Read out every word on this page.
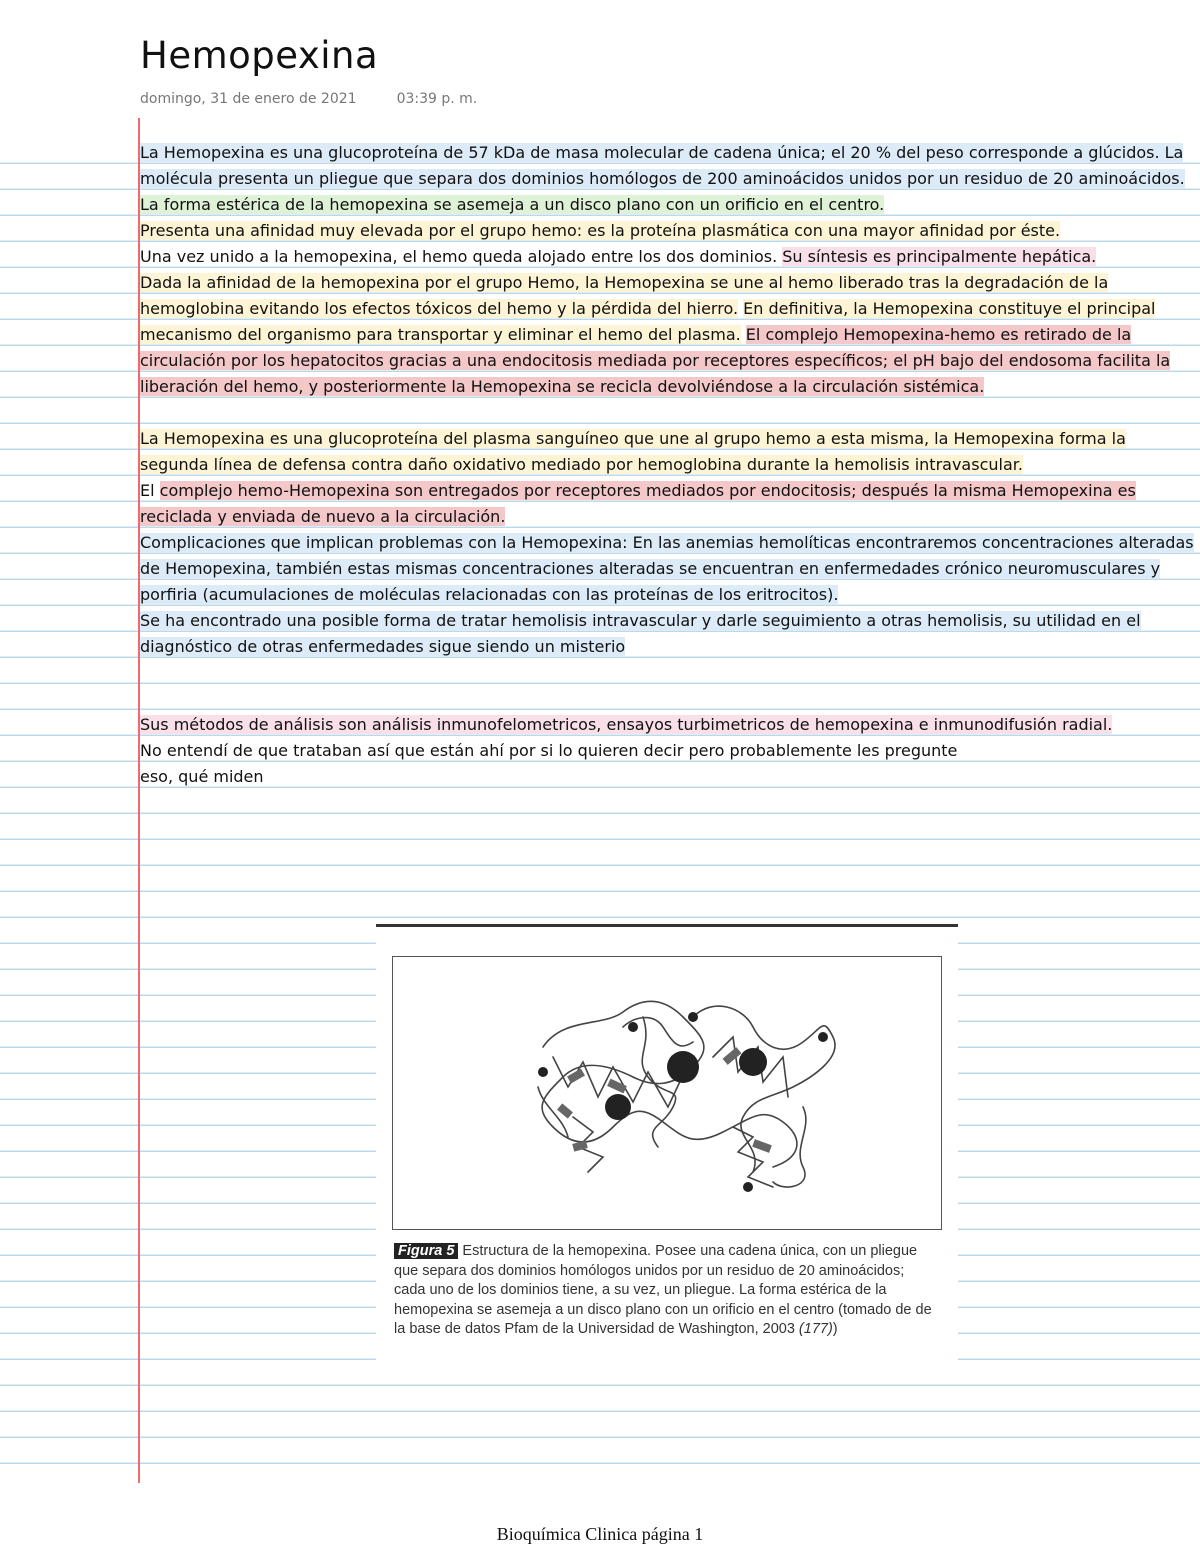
Hemopexina
domingo, 31 de enero de 2021	03:39 p. m.

La Hemopexina es una glucoproteína de 57 kDa de masa molecular de cadena única; el 20 % del peso corresponde a glúcidos. La molécula presenta un pliegue que separa dos dominios homólogos de 200 aminoácidos unidos por un residuo de 20 aminoácidos. La forma estérica de la hemopexina se asemeja a un disco plano con un orificio en el centro.

Presenta una afinidad muy elevada por el grupo hemo: es la proteína plasmática con una mayor afinidad por éste.

Una vez unido a la hemopexina, el hemo queda alojado entre los dos dominios. Su síntesis es principalmente hepática.

Dada la afinidad de la hemopexina por el grupo Hemo, la Hemopexina se une al hemo liberado tras la degradación de la hemoglobina evitando los efectos tóxicos del hemo y la pérdida del hierro. En definitiva, la Hemopexina constituye el principal mecanismo del organismo para transportar y eliminar el hemo del plasma. El complejo Hemopexina-hemo es retirado de la circulación por los hepatocitos gracias a una endocitosis mediada por receptores específicos; el pH bajo del endosoma facilita la liberación del hemo, y posteriormente la Hemopexina se recicla devolviéndose a la circulación sistémica.

La Hemopexina es una glucoproteína del plasma sanguíneo que une al grupo hemo a esta misma, la Hemopexina forma la segunda línea de defensa contra daño oxidativo mediado por hemoglobina durante la hemolisis intravascular.

El complejo hemo-Hemopexina son entregados por receptores mediados por endocitosis; después la misma Hemopexina es reciclada y enviada de nuevo a la circulación.

Complicaciones que implican problemas con la Hemopexina: En las anemias hemolíticas encontraremos concentraciones alteradas de Hemopexina, también estas mismas concentraciones alteradas se encuentran en enfermedades crónico neuromusculares y porfiria (acumulaciones de moléculas relacionadas con las proteínas de los eritrocitos).

Se ha encontrado una posible forma de tratar hemolisis intravascular y darle seguimiento a otras hemolisis, su utilidad en el diagnóstico de otras enfermedades sigue siendo un misterio

Sus métodos de análisis son análisis inmunofelometricos, ensayos turbimetricos de hemopexina e inmunodifusión radial.

No entendí de que trataban así que están ahí por si lo quieren decir pero probablemente les pregunte

eso, qué miden

Figura 5 Estructura de la hemopexina. Posee una cadena única, con un pliegue que separa dos dominios homólogos unidos por un residuo de 20 aminoácidos; cada uno de los dominios tiene, a su vez, un pliegue. La forma estérica de la hemopexina se asemeja a un disco plano con un orificio en el centro (tomado de de la base de datos Pfam de la Universidad de Washington, 2003 (177))
Bioquímica Clinica página 1
